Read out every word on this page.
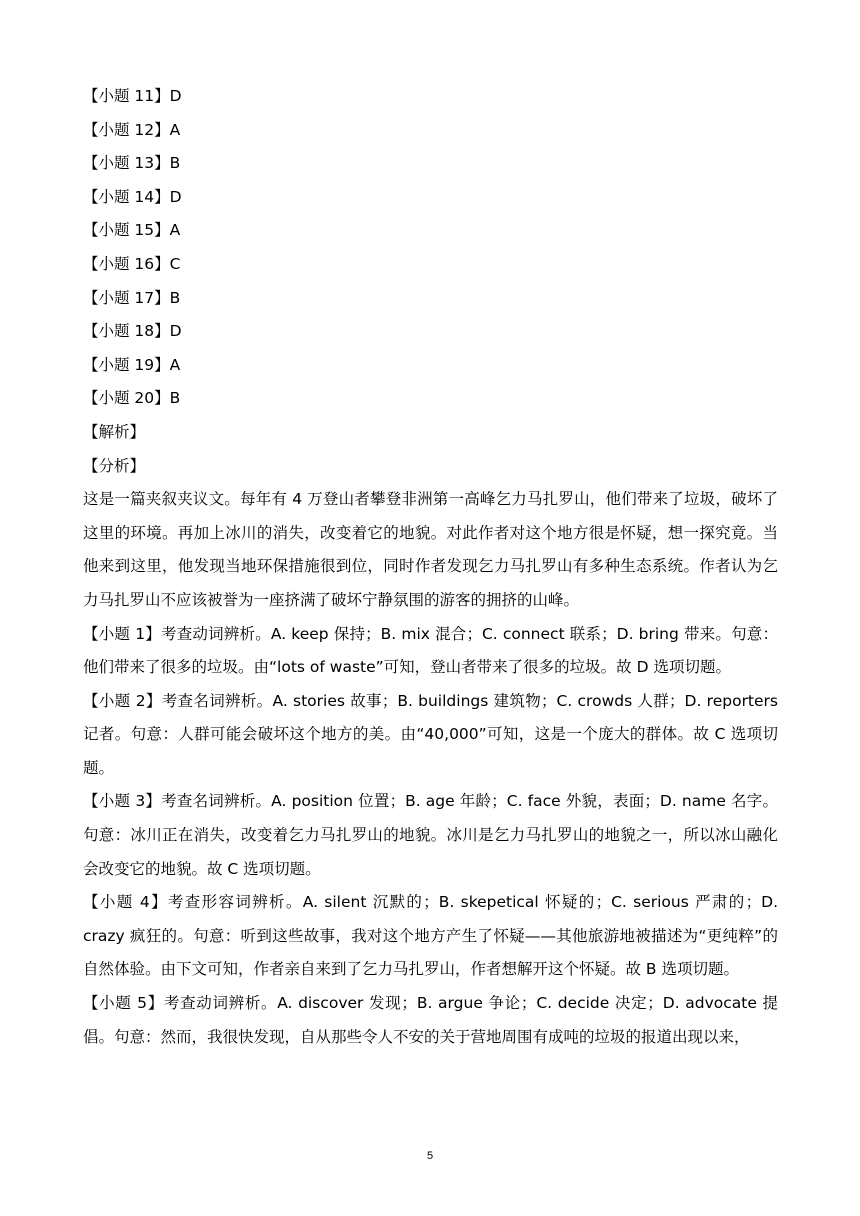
【小题 11】D
【小题 12】A
【小题 13】B
【小题 14】D
【小题 15】A
【小题 16】C
【小题 17】B
【小题 18】D
【小题 19】A
【小题 20】B
【解析】
【分析】
这是一篇夹叙夹议文。每年有 4 万登山者攀登非洲第一高峰乞力马扎罗山，他们带来了垃圾，破坏了这里的环境。再加上冰川的消失，改变着它的地貌。对此作者对这个地方很是怀疑，想一探究竟。当他来到这里，他发现当地环保措施很到位，同时作者发现乞力马扎罗山有多种生态系统。作者认为乞力马扎罗山不应该被誉为一座挤满了破坏宁静氛围的游客的拥挤的山峰。
【小题 1】考查动词辨析。A. keep 保持；B. mix 混合；C. connect 联系；D. bring 带来。句意：他们带来了很多的垃圾。由“lots of waste”可知，登山者带来了很多的垃圾。故 D 选项切题。
【小题 2】考查名词辨析。A. stories 故事；B. buildings 建筑物；C. crowds 人群；D. reporters 记者。句意：人群可能会破坏这个地方的美。由“40,000”可知，这是一个庞大的群体。故 C 选项切题。
【小题 3】考查名词辨析。A. position 位置；B. age 年龄；C. face 外貌，表面；D. name 名字。句意：冰川正在消失，改变着乞力马扎罗山的地貌。冰川是乞力马扎罗山的地貌之一，所以冰山融化会改变它的地貌。故 C 选项切题。
【小题 4】考查形容词辨析。A. silent 沉默的；B. skepetical 怀疑的；C. serious 严肃的；D. crazy 疯狂的。句意：听到这些故事，我对这个地方产生了怀疑——其他旅游地被描述为“更纯粹”的自然体验。由下文可知，作者亲自来到了乞力马扎罗山，作者想解开这个怀疑。故 B 选项切题。
【小题 5】考查动词辨析。A. discover 发现；B. argue 争论；C. decide 决定；D. advocate 提倡。句意：然而，我很快发现，自从那些令人不安的关于营地周围有成吨的垃圾的报道出现以来，
5
